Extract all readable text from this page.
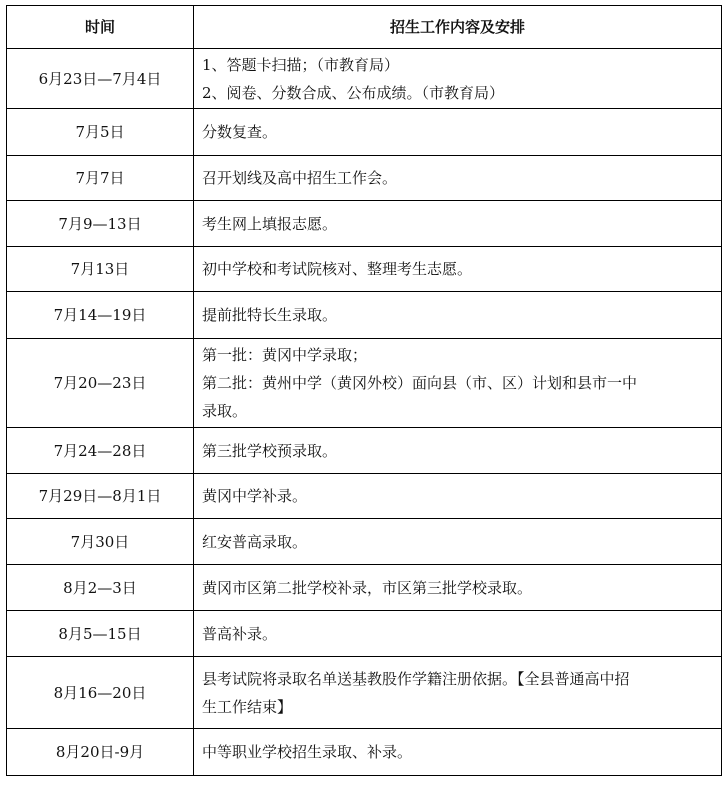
时间	招生工作内容及安排
6月23日—7月4日	1、答题卡扫描；（市教育局）
2、阅卷、分数合成、公布成绩。（市教育局）

7月5日	分数复查。

7月7日	召开划线及高中招生工作会。

7月9—13日	考生网上填报志愿。

7月13日	初中学校和考试院核对、整理考生志愿。

7月14—19日	提前批特长生录取。

7月20—23日	第一批：黄冈中学录取；
第二批：黄州中学（黄冈外校）面向县（市、区）计划和县市一中
录取。

7月24—28日	第三批学校预录取。

7月29日—8月1日	黄冈中学补录。

7月30日	红安普高录取。

8月2—3日	黄冈市区第二批学校补录，市区第三批学校录取。

8月5—15日	普高补录。

8月16—20日	县考试院将录取名单送基教股作学籍注册依据。【全县普通高中招
生工作结束】

8月20日-9月	中等职业学校招生录取、补录。
